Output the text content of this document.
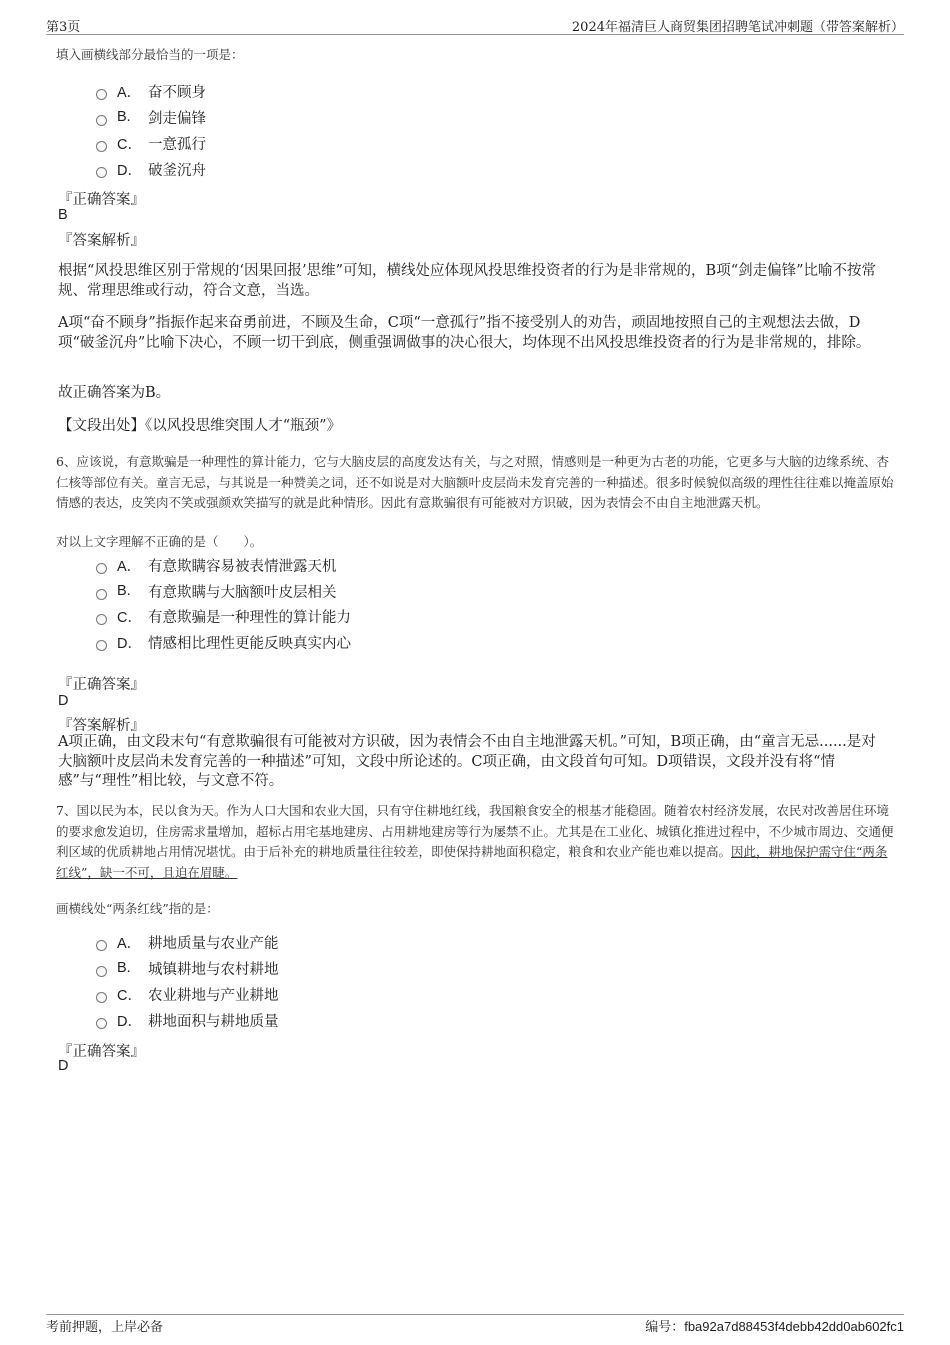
第3页	2024年福清巨人商贸集团招聘笔试冲刺题（带答案解析）
填入画横线部分最恰当的一项是：
A． 奋不顾身
B.	剑走偏锋
C． 一意孤行
D． 破釜沉舟
『正确答案』
B
『答案解析』
根据“风投思维区别于常规的‘因果回报’思维”可知，横线处应体现风投思维投资者的行为是非常规的，B项“剑走偏锋”比喻不按常规、常理思维或行动，符合文意，当选。
A项“奋不顾身”指振作起来奋勇前进，不顾及生命，C项“一意孤行”指不接受别人的劝告，顽固地按照自己的主观想法去做，D项“破釜沉舟”比喻下决心，不顾一切干到底，侧重强调做事的决心很大，均体现不出风投思维投资者的行为是非常规的，排除。
故正确答案为B。
【文段出处】《以风投思维突围人才“瓶颈”》
6、应该说，有意欺骗是一种理性的算计能力，它与大脑皮层的高度发达有关，与之对照，情感则是一种更为古老的功能，它更多与大脑的边缘系统、杏仁核等部位有关。童言无忌，与其说是一种赞美之词，还不如说是对大脑额叶皮层尚未发育完善的一种描述。很多时候貌似高级的理性往往难以掩盖原始情感的表达，皮笑肉不笑或强颜欢笑描写的就是此种情形。因此有意欺骗很有可能被对方识破，因为表情会不由自主地泄露天机。
对以上文字理解不正确的是（　　）。
A． 有意欺瞒容易被表情泄露天机
B.	有意欺瞒与大脑额叶皮层相关
C． 有意欺骗是一种理性的算计能力
D． 情感相比理性更能反映真实内心
『正确答案』
D
『答案解析』
A项正确，由文段末句“有意欺骗很有可能被对方识破，因为表情会不由自主地泄露天机。”可知，B项正确，由“童言无忌......是对大脑额叶皮层尚未发育完善的一种描述”可知，文段中所论述的。C项正确，由文段首句可知。D项错误，文段并没有将“情感”与“理性”相比较，与文意不符。
7、国以民为本，民以食为天。作为人口大国和农业大国，只有守住耕地红线，我国粮食安全的根基才能稳固。随着农村经济发展，农民对改善居住环境的要求愈发迫切，住房需求量增加，超标占用宅基地建房、占用耕地建房等行为屡禁不止。尤其是在工业化、城镇化推进过程中，不少城市周边、交通便利区域的优质耕地占用情况堪忧。由于后补充的耕地质量往往较差，即使保持耕地面积稳定，粮食和农业产能也难以提高。因此，耕地保护需守住“两条红线”，缺一不可，且迫在眉睫。
画横线处“两条红线”指的是：
A． 耕地质量与农业产能
B.	城镇耕地与农村耕地
C． 农业耕地与产业耕地
D． 耕地面积与耕地质量
『正确答案』
D
考前押题，上岸必备	编号：fba92a7d88453f4debb42dd0ab602fc1
